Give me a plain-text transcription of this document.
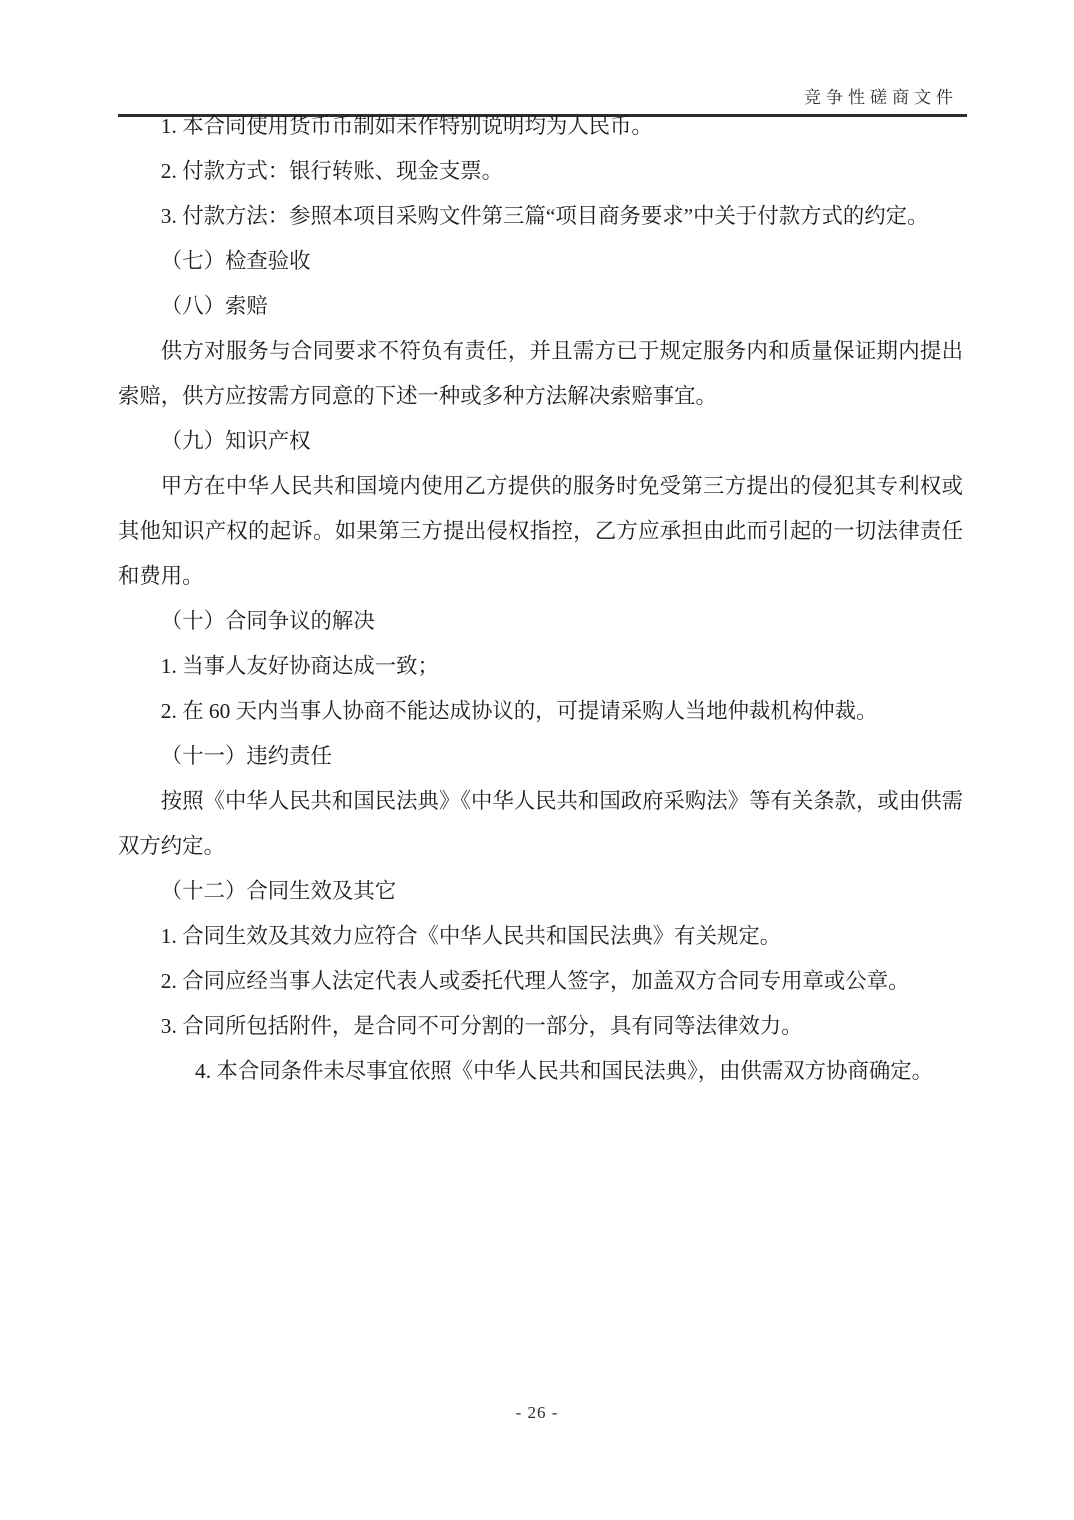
竞争性磋商文件

1. 本合同使用货币币制如未作特别说明均为人民币。

2. 付款方式：银行转账、现金支票。

3. 付款方法：参照本项目采购文件第三篇“项目商务要求”中关于付款方式的约定。

（七）检查验收

（八）索赔

供方对服务与合同要求不符负有责任，并且需方已于规定服务内和质量保证期内提出索赔，供方应按需方同意的下述一种或多种方法解决索赔事宜。

（九）知识产权

甲方在中华人民共和国境内使用乙方提供的服务时免受第三方提出的侵犯其专利权或其他知识产权的起诉。如果第三方提出侵权指控，乙方应承担由此而引起的一切法律责任和费用。

（十）合同争议的解决

1. 当事人友好协商达成一致；

2. 在 60 天内当事人协商不能达成协议的，可提请采购人当地仲裁机构仲裁。

（十一）违约责任

按照《中华人民共和国民法典》《中华人民共和国政府采购法》等有关条款，或由供需双方约定。

（十二）合同生效及其它

1. 合同生效及其效力应符合《中华人民共和国民法典》有关规定。

2. 合同应经当事人法定代表人或委托代理人签字，加盖双方合同专用章或公章。

3. 合同所包括附件，是合同不可分割的一部分，具有同等法律效力。

4. 本合同条件未尽事宜依照《中华人民共和国民法典》，由供需双方协商确定。

- 26 -
